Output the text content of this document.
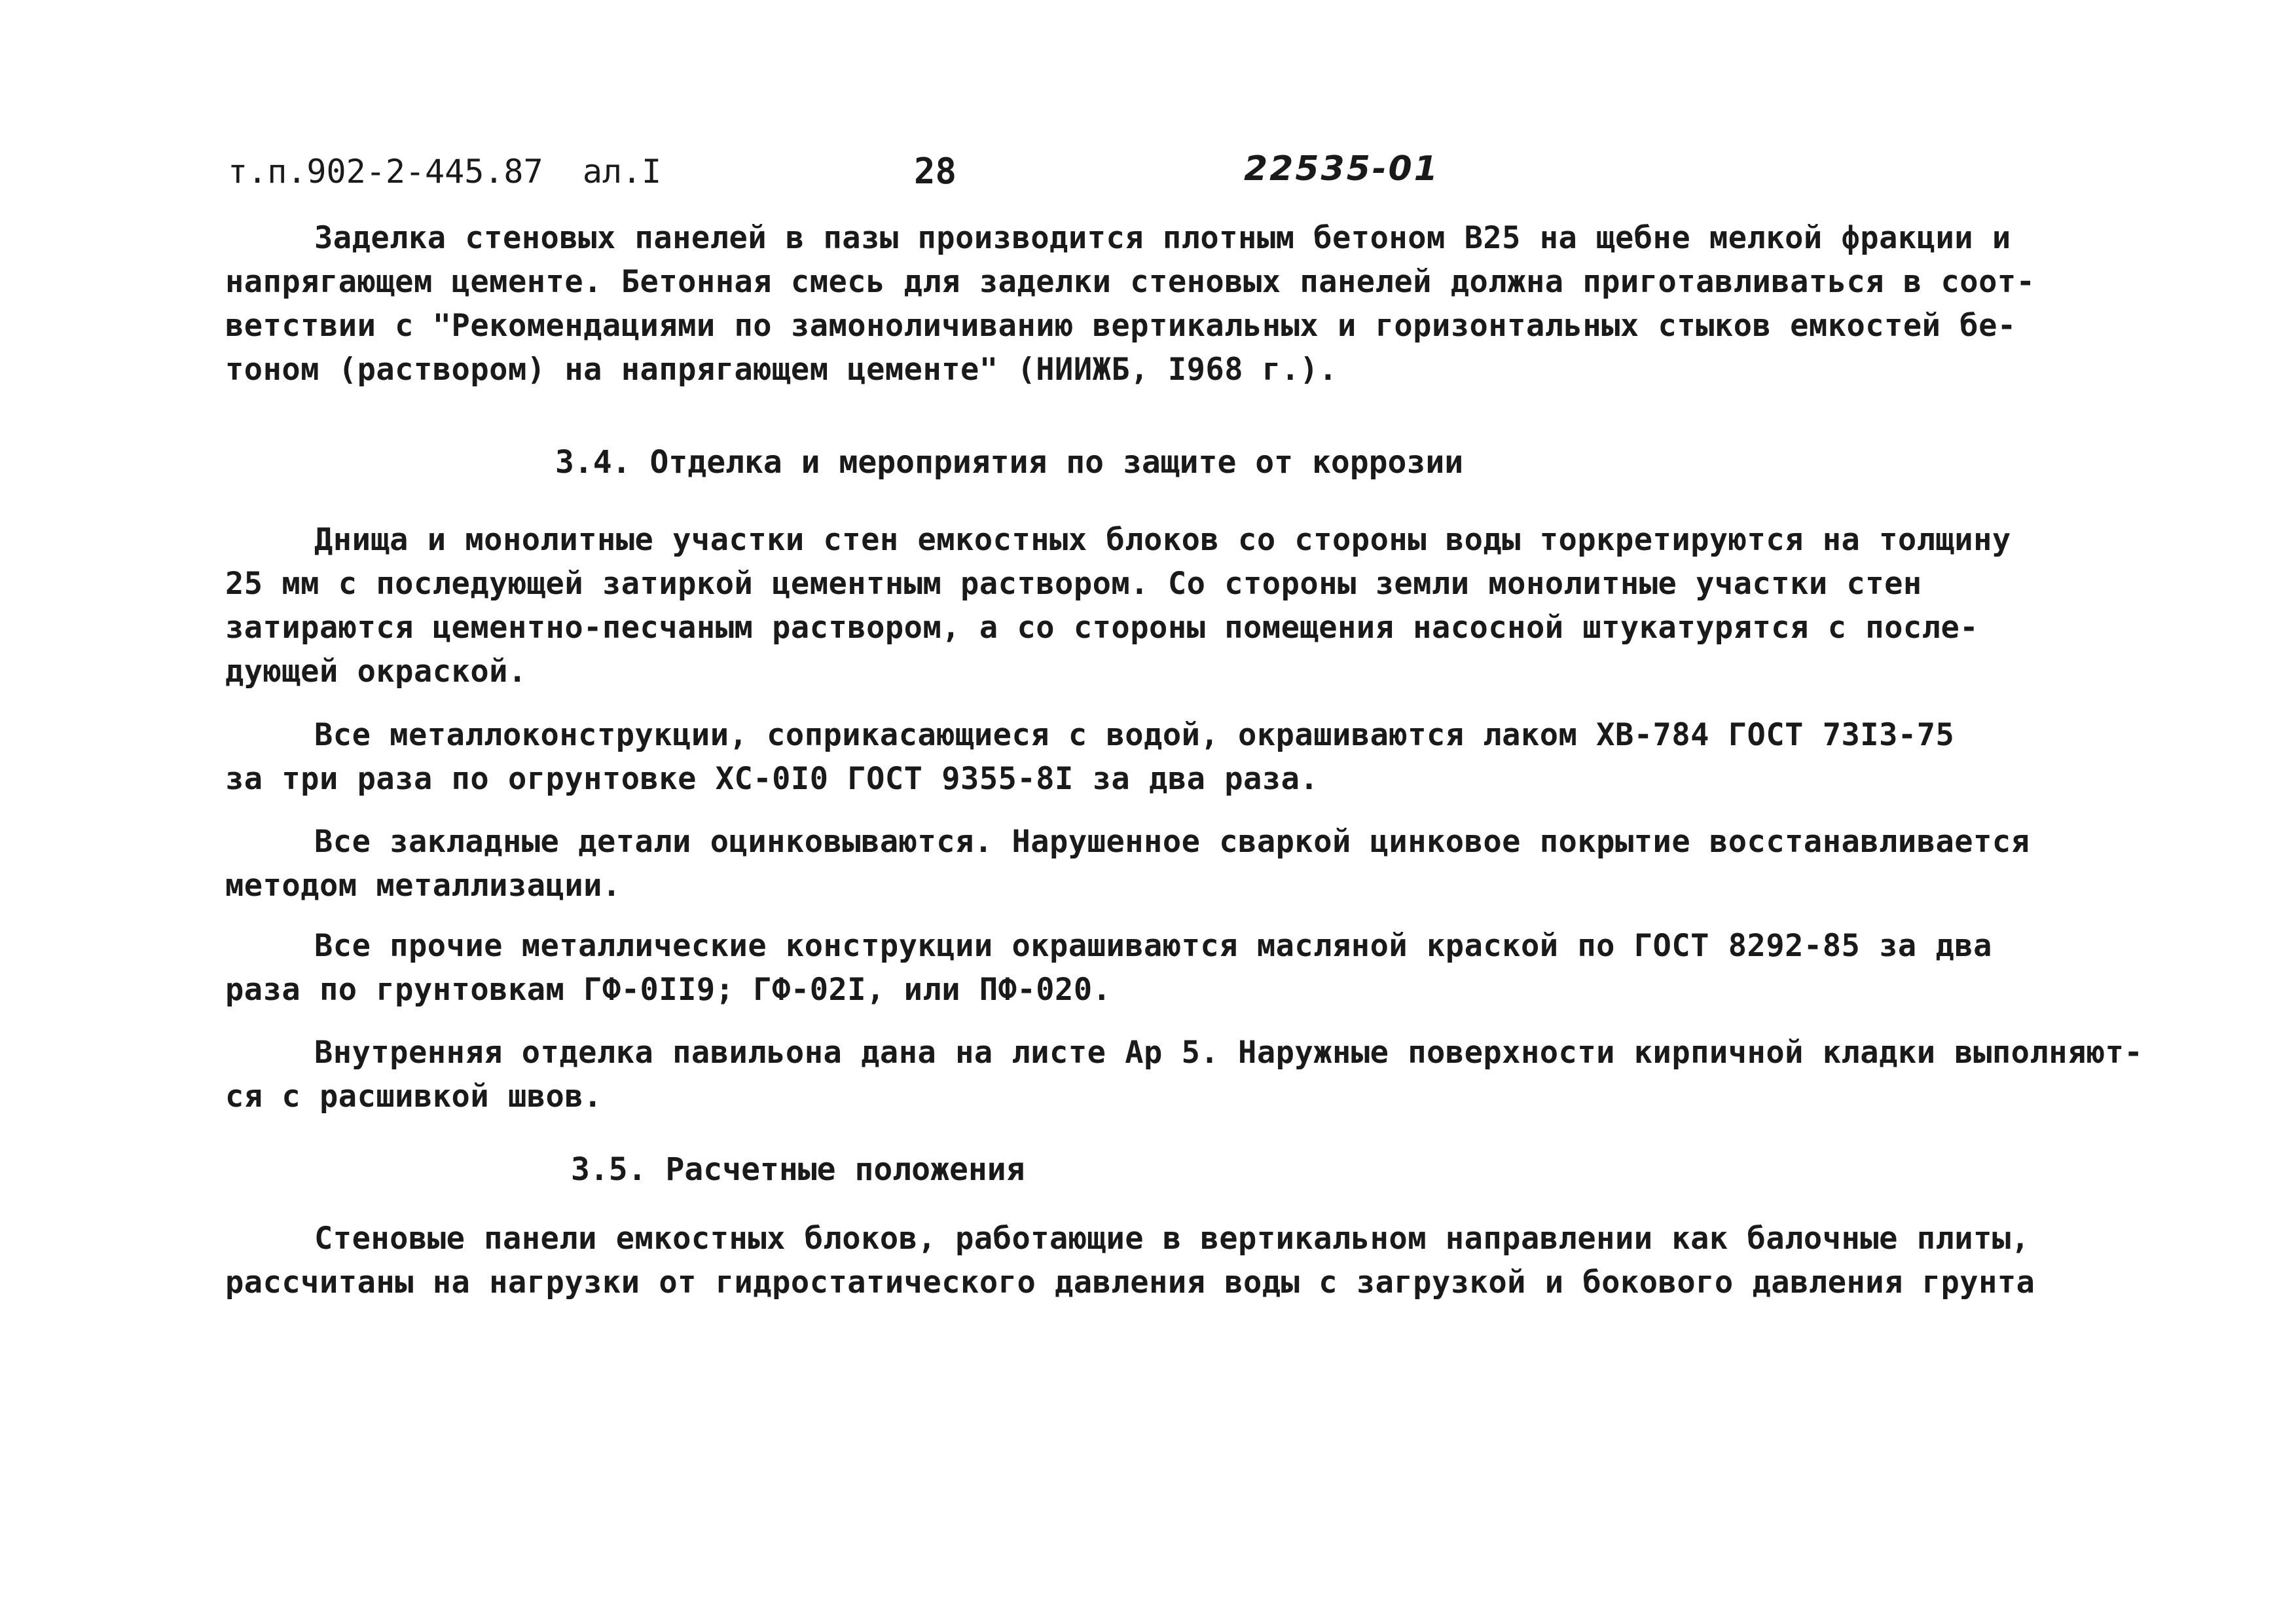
т.п.902-2-445.87  ал.I	28	22535-01
Заделка стеновых панелей в пазы производится плотным бетоном В25 на щебне мелкой фракции и
напрягающем цементе. Бетонная смесь для заделки стеновых панелей должна приготавливаться в соот-
ветствии с "Рекомендациями по замоноличиванию вертикальных и горизонтальных стыков емкостей бе-
тоном (раствором) на напрягающем цементе" (НИИЖБ, I968 г.).
3.4. Отделка и мероприятия по защите от коррозии
Днища и монолитные участки стен емкостных блоков со стороны воды торкретируются на толщину
25 мм с последующей затиркой цементным раствором. Со стороны земли монолитные участки стен
затираются цементно-песчаным раствором, а со стороны помещения насосной штукатурятся с после-
дующей окраской.
Все металлоконструкции, соприкасающиеся с водой, окрашиваются лаком ХВ-784 ГОСТ 73I3-75
за три раза по огрунтовке ХС-0I0 ГОСТ 9355-8I за два раза.
Все закладные детали оцинковываются. Нарушенное сваркой цинковое покрытие восстанавливается
методом металлизации.
Все прочие металлические конструкции окрашиваются масляной краской по ГОСТ 8292-85 за два
раза по грунтовкам ГФ-0II9; ГФ-02I, или ПФ-020.
Внутренняя отделка павильона дана на листе Ар 5. Наружные поверхности кирпичной кладки выполняют-
ся с расшивкой швов.
3.5. Расчетные положения
Стеновые панели емкостных блоков, работающие в вертикальном направлении как балочные плиты,
рассчитаны на нагрузки от гидростатического давления воды с загрузкой и бокового давления грунта
